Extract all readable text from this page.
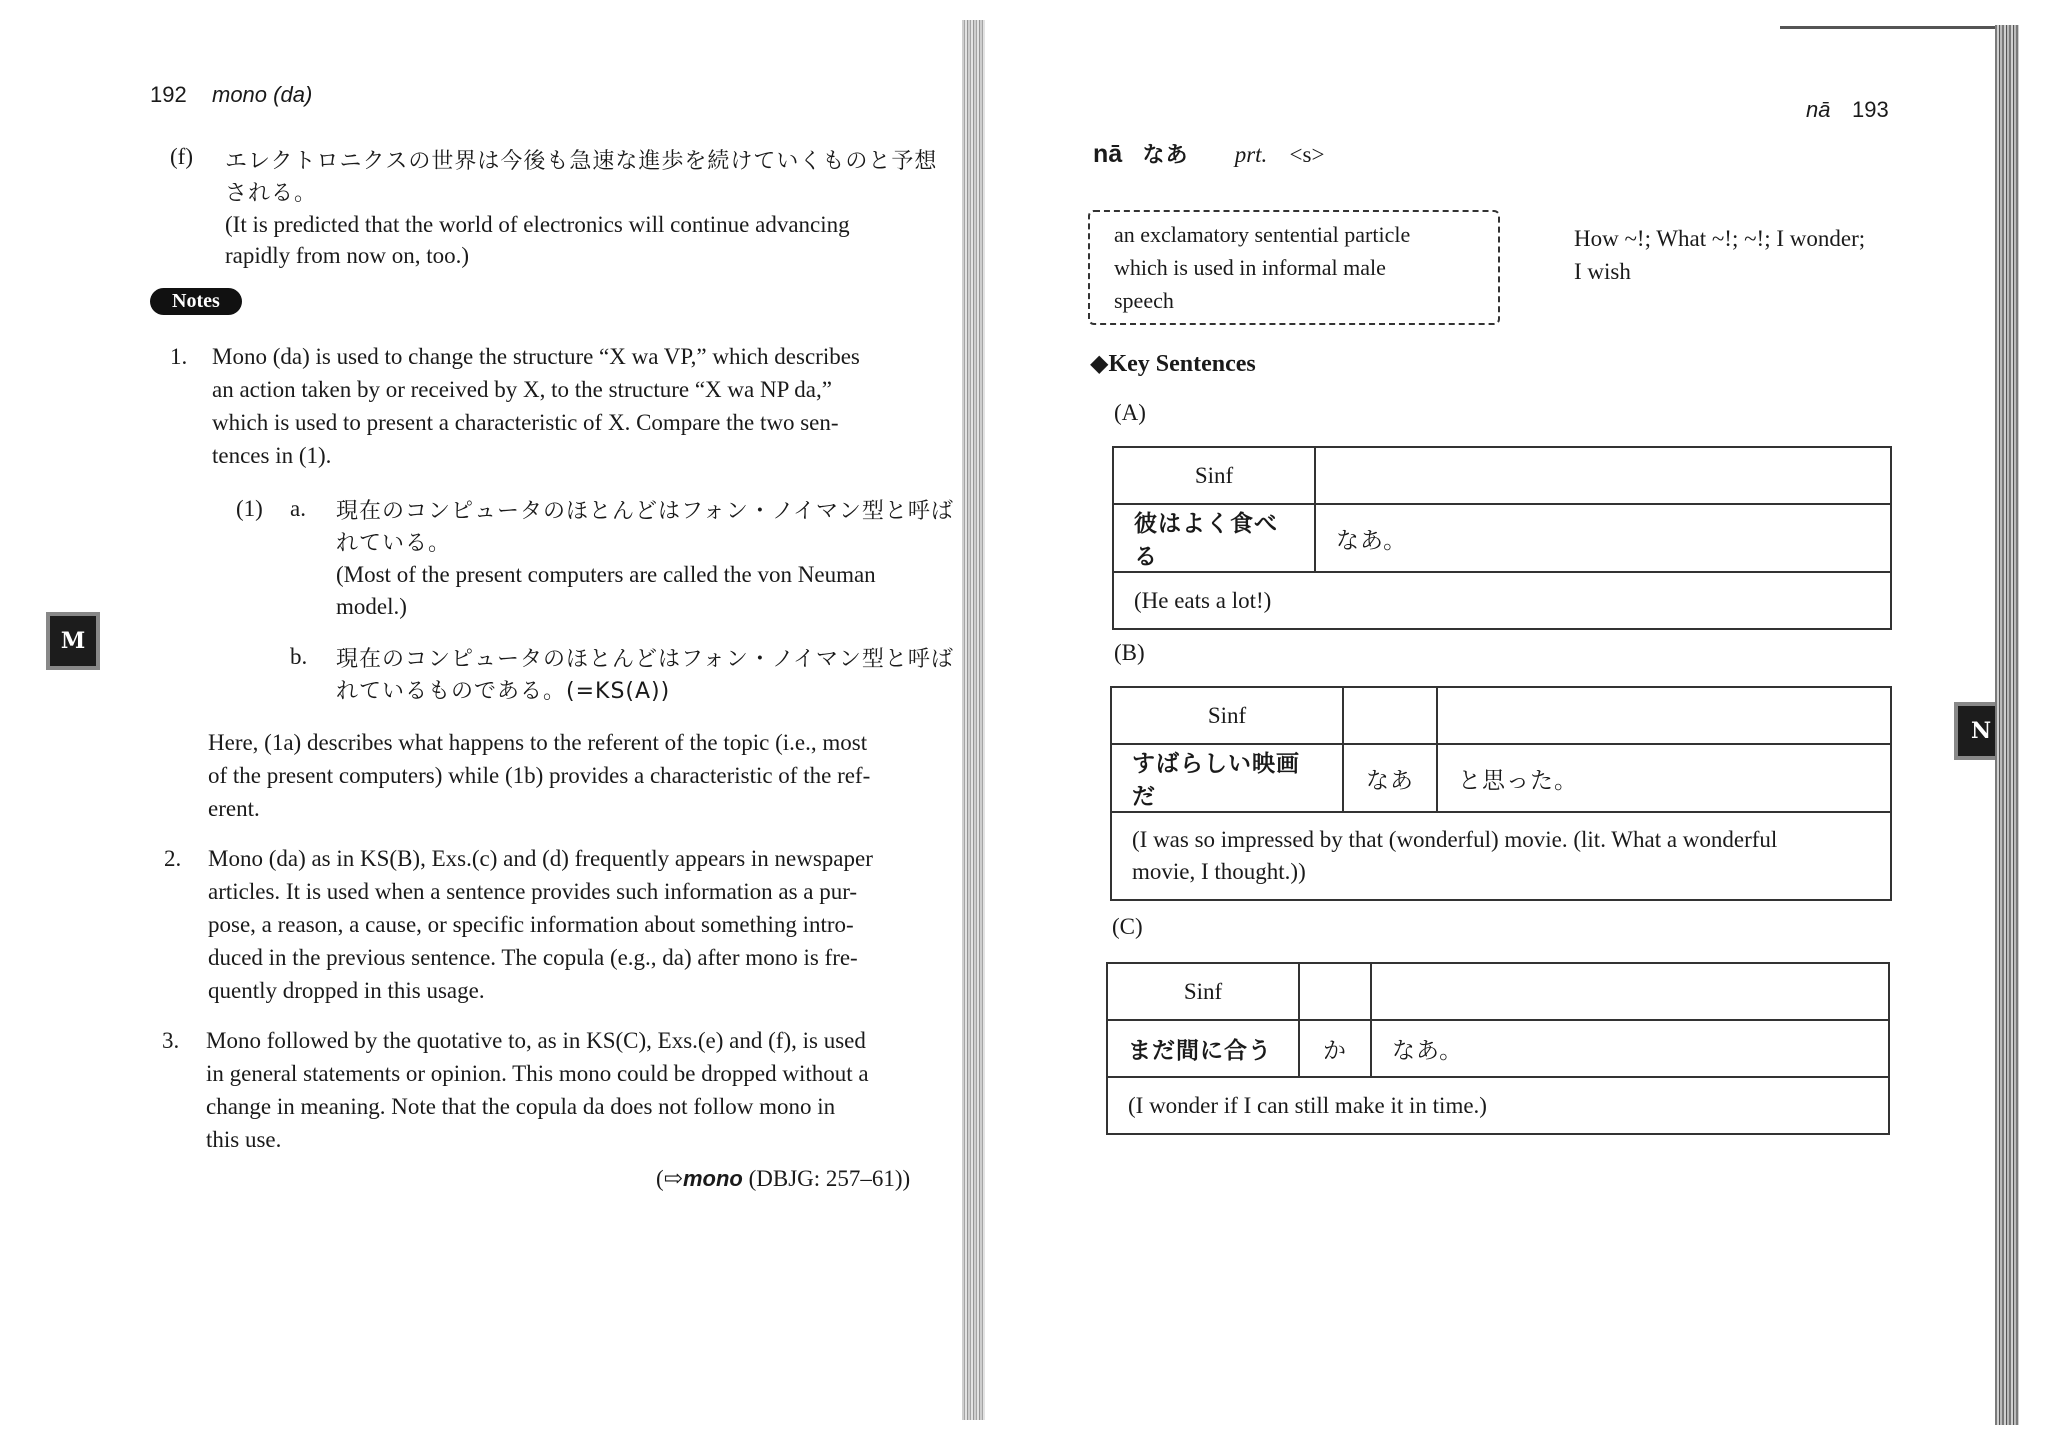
192 mono (da)
(f) エレクトロニクスの世界は今後も急速な進歩を続けていくものと予想
される。
(It is predicted that the world of electronics will continue advancing
rapidly from now on, too.)
Notes
1. Mono (da) is used to change the structure “X wa VP,” which describes
an action taken by or received by X, to the structure “X wa NP da,”
which is used to present a characteristic of X. Compare the two sen-
tences in (1).
(1) a. 現在のコンピュータのほとんどはフォン・ノイマン型と呼ば
れている。
(Most of the present computers are called the von Neuman
model.)
b. 現在のコンピュータのほとんどはフォン・ノイマン型と呼ば
れているものである。(=KS(A))
Here, (1a) describes what happens to the referent of the topic (i.e., most
of the present computers) while (1b) provides a characteristic of the ref-
erent.
2. Mono (da) as in KS(B), Exs.(c) and (d) frequently appears in newspaper
articles. It is used when a sentence provides such information as a pur-
pose, a reason, a cause, or specific information about something intro-
duced in the previous sentence. The copula (e.g., da) after mono is fre-
quently dropped in this usage.
3. Mono followed by the quotative to, as in KS(C), Exs.(e) and (f), is used
in general statements or opinion. This mono could be dropped without a
change in meaning. Note that the copula da does not follow mono in
this use.
(⇨mono (DBJG: 257–61))
M
nā 193
nā なあ prt. <s>
an exclamatory sentential particle
which is used in informal male
speech
How ~!; What ~!; ~!; I wonder;
I wish
◆Key Sentences
(A)
Sinf	
彼はよく食べる	なあ。
(He eats a lot!)	
(B)
Sinf		
すばらしい映画だ	なあ	と思った。

(I was so impressed by that (wonderful) movie. (lit. What a wonderful
movie, I thought.))		
(C)
Sinf		
まだ間に合う	か	なあ。
(I wonder if I can still make it in time.)		
N
